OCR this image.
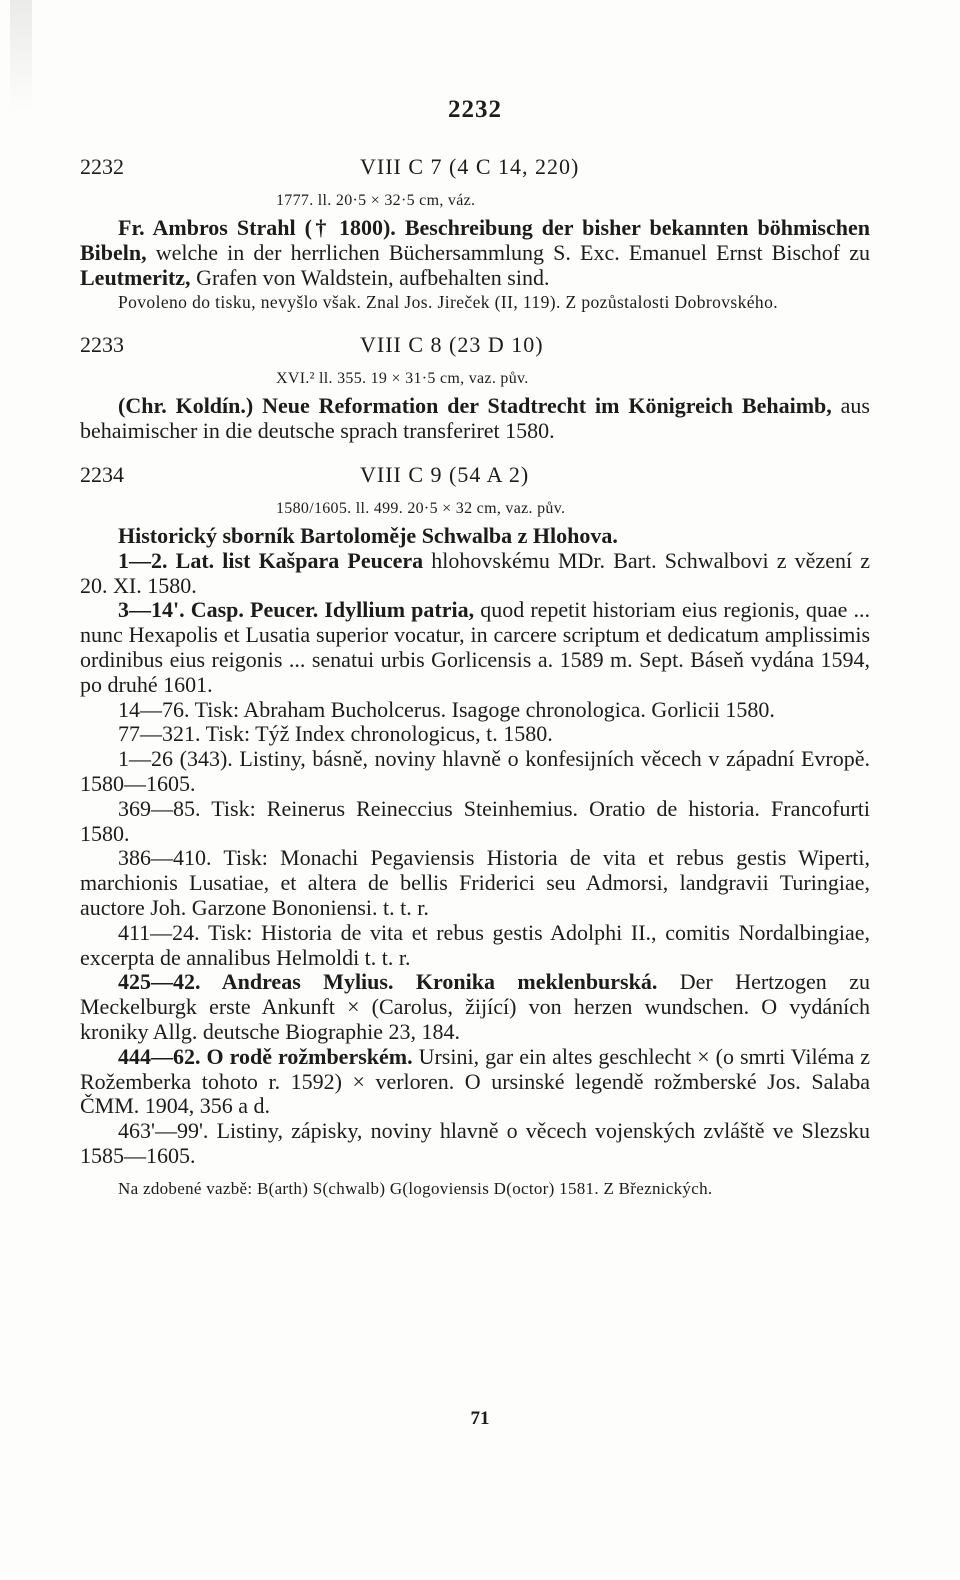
2232
2232	VIII C 7 (4 C 14, 220)
1777. ll. 20·5 × 32·5 cm, váz.

Fr. Ambros Strahl († 1800). Beschreibung der bisher bekannten böhmischen Bibeln, welche in der herrlichen Büchersammlung S. Exc. Emanuel Ernst Bischof zu Leutmeritz, Grafen von Waldstein, aufbehalten sind.

Povoleno do tisku, nevyšlo však. Znal Jos. Jireček (II, 119). Z pozůstalosti Dobrovského.

2233	VIII C 8 (23 D 10)
XVI.² ll. 355. 19 × 31·5 cm, vaz. pův.

(Chr. Koldín.) Neue Reformation der Stadtrecht im Königreich Behaimb, aus behaimischer in die deutsche sprach transferiret 1580.

2234	VIII C 9 (54 A 2)
1580/1605. ll. 499. 20·5 × 32 cm, vaz. pův.

Historický sborník Bartoloměje Schwalba z Hlohova.

1—2. Lat. list Kašpara Peucera hlohovskému MDr. Bart. Schwalbovi z vězení z 20. XI. 1580.

3—14'. Casp. Peucer. Idyllium patria, quod repetit historiam eius regionis, quae ... nunc Hexapolis et Lusatia superior vocatur, in carcere scriptum et dedicatum amplissimis ordinibus eius reigonis ... senatui urbis Gorlicensis a. 1589 m. Sept. Báseň vydána 1594, po druhé 1601.

14—76. Tisk: Abraham Bucholcerus. Isagoge chronologica. Gorlicii 1580.

77—321. Tisk: Týž Index chronologicus, t. 1580.

1—26 (343). Listiny, básně, noviny hlavně o konfesijních věcech v západní Evropě. 1580—1605.

369—85. Tisk: Reinerus Reineccius Steinhemius. Oratio de historia. Francofurti 1580.

386—410. Tisk: Monachi Pegaviensis Historia de vita et rebus gestis Wiperti, marchionis Lusatiae, et altera de bellis Friderici seu Admorsi, landgravii Turingiae, auctore Joh. Garzone Bononiensi. t. t. r.

411—24. Tisk: Historia de vita et rebus gestis Adolphi II., comitis Nordalbingiae, excerpta de annalibus Helmoldi t. t. r.

425—42. Andreas Mylius. Kronika meklenburská. Der Hertzogen zu Meckelburgk erste Ankunft × (Carolus, žijící) von herzen wundschen. O vydáních kroniky Allg. deutsche Biographie 23, 184.

444—62. O rodě rožmberském. Ursini, gar ein altes geschlecht × (o smrti Viléma z Rožemberka tohoto r. 1592) × verloren. O ursinské legendě rožmberské Jos. Salaba ČMM. 1904, 356 a d.

463'—99'. Listiny, zápisky, noviny hlavně o věcech vojenských zvláště ve Slezsku 1585—1605.

Na zdobené vazbě: B(arth) S(chwalb) G(logoviensis D(octor) 1581. Z Březnických.
71
